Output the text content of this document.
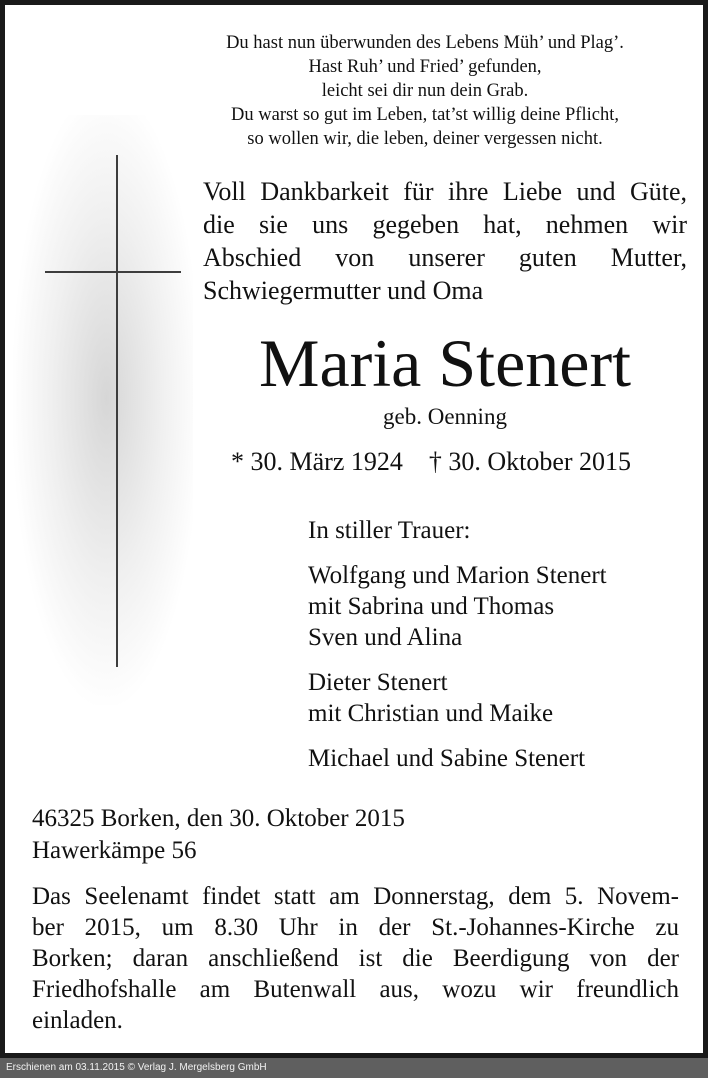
Du hast nun überwunden des Lebens Müh’ und Plag’.
Hast Ruh’ und Fried’ gefunden,
leicht sei dir nun dein Grab.
Du warst so gut im Leben, tat’st willig deine Pflicht,
so wollen wir, die leben, deiner vergessen nicht.
Voll Dankbarkeit für ihre Liebe und Güte,
die sie uns gegeben hat, nehmen wir
Abschied von unserer guten Mutter,
Schwiegermutter und Oma
Maria Stenert
geb. Oenning
* 30. März 1924 † 30. Oktober 2015
In stiller Trauer:
Wolfgang und Marion Stenert
mit Sabrina und Thomas
Sven und Alina
Dieter Stenert
mit Christian und Maike
Michael und Sabine Stenert
46325 Borken, den 30. Oktober 2015
Hawerkämpe 56
Das Seelenamt findet statt am Donnerstag, dem 5. Novem-
ber 2015, um 8.30 Uhr in der St.-Johannes-Kirche zu
Borken; daran anschließend ist die Beerdigung von der
Friedhofshalle am Butenwall aus, wozu wir freundlich
einladen.
Erschienen am 03.11.2015 © Verlag J. Mergelsberg GmbH
